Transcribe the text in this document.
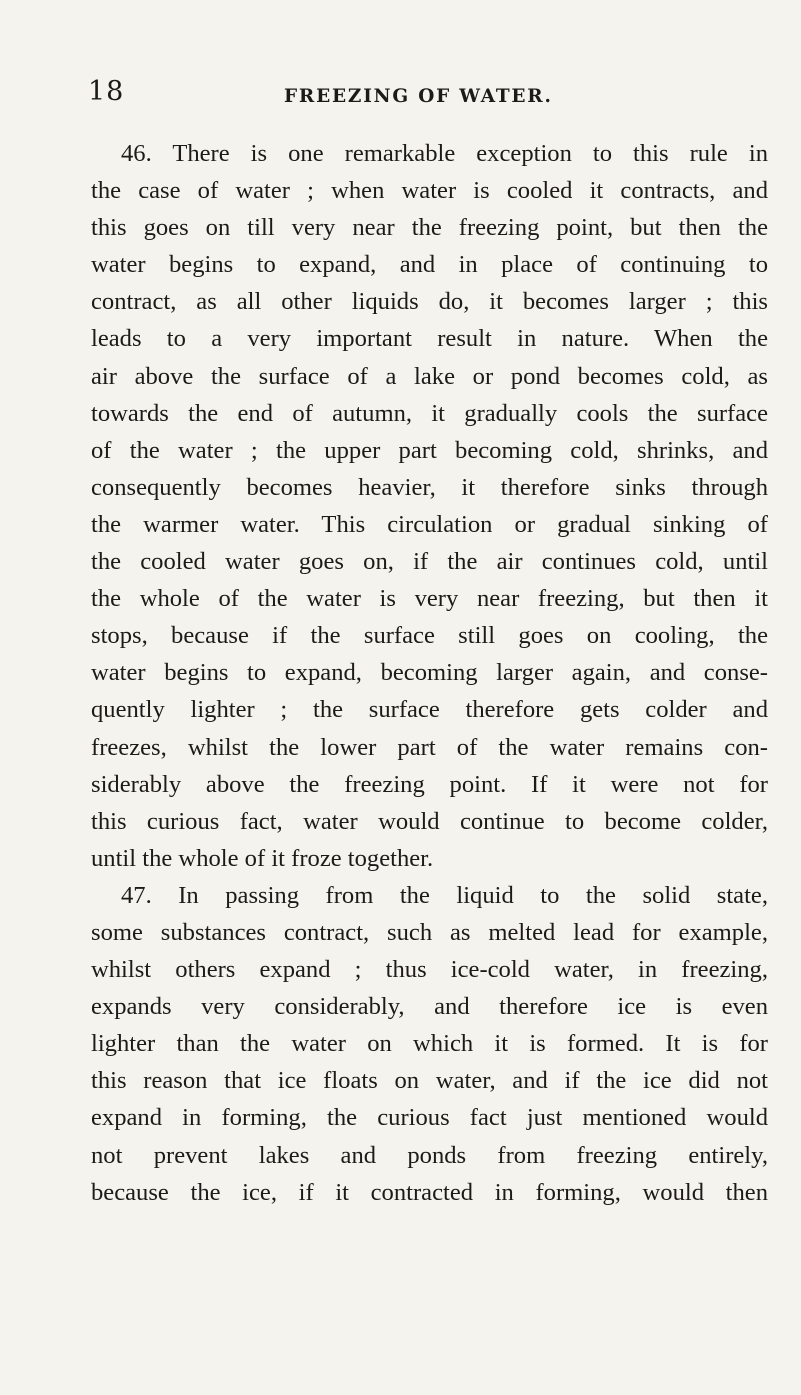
18	FREEZING OF WATER.
46. There is one remarkable exception to this rule in
the case of water ; when water is cooled it contracts, and
this goes on till very near the freezing point, but then the
water begins to expand, and in place of continuing to
contract, as all other liquids do, it becomes larger ; this
leads to a very important result in nature. When the
air above the surface of a lake or pond becomes cold, as
towards the end of autumn, it gradually cools the surface
of the water ; the upper part becoming cold, shrinks, and
consequently becomes heavier, it therefore sinks through
the warmer water. This circulation or gradual sinking of
the cooled water goes on, if the air continues cold, until
the whole of the water is very near freezing, but then it
stops, because if the surface still goes on cooling, the
water begins to expand, becoming larger again, and conse-
quently lighter ; the surface therefore gets colder and
freezes, whilst the lower part of the water remains con-
siderably above the freezing point. If it were not for
this curious fact, water would continue to become colder,
until the whole of it froze together.
47. In passing from the liquid to the solid state,
some substances contract, such as melted lead for example,
whilst others expand ; thus ice-cold water, in freezing,
expands very considerably, and therefore ice is even
lighter than the water on which it is formed. It is for
this reason that ice floats on water, and if the ice did not
expand in forming, the curious fact just mentioned would
not prevent lakes and ponds from freezing entirely,
because the ice, if it contracted in forming, would then
